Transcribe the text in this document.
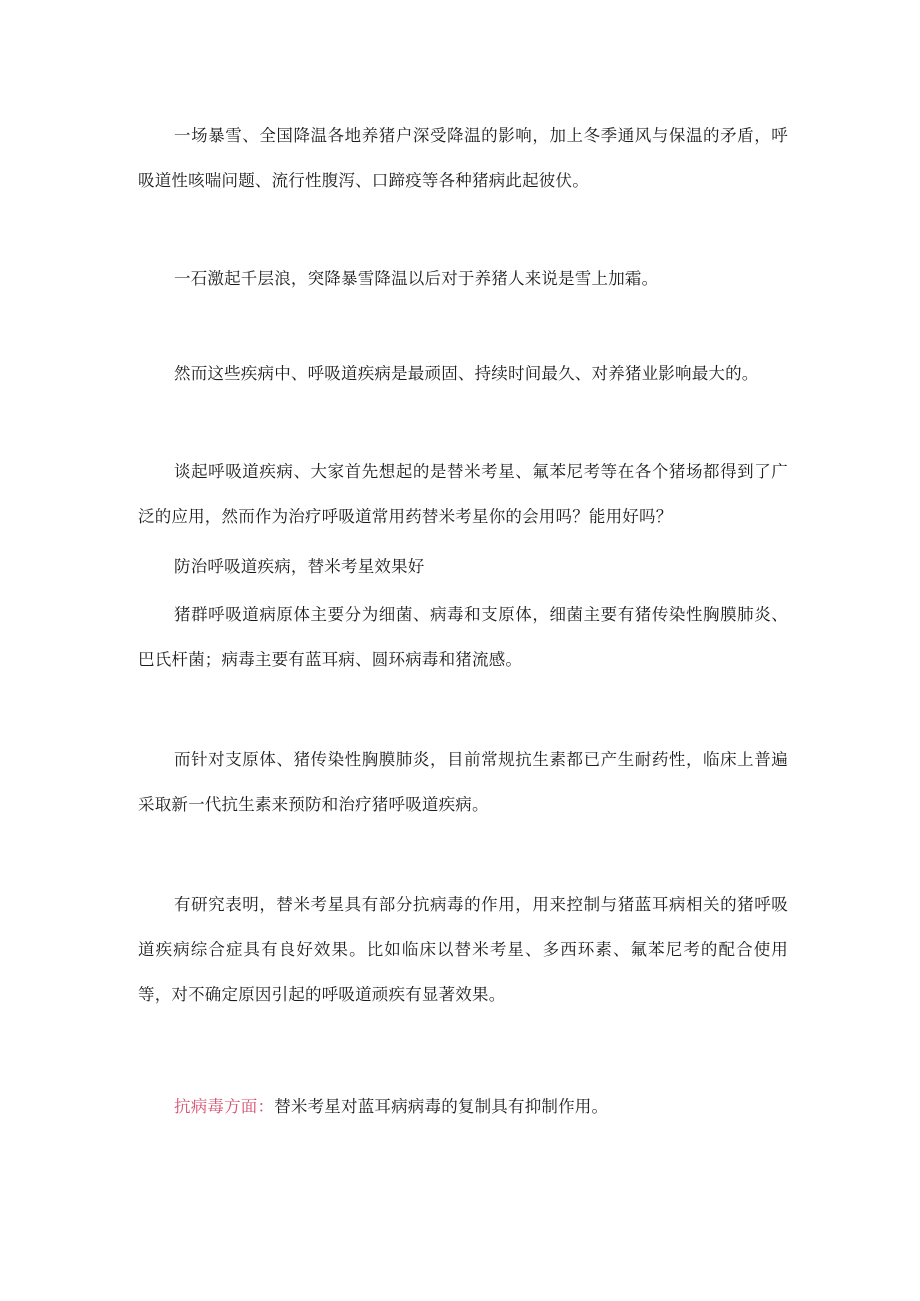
一场暴雪、全国降温各地养猪户深受降温的影响，加上冬季通风与保温的矛盾，呼吸道性咳喘问题、流行性腹泻、口蹄疫等各种猪病此起彼伏。

一石激起千层浪，突降暴雪降温以后对于养猪人来说是雪上加霜。

然而这些疾病中、呼吸道疾病是最顽固、持续时间最久、对养猪业影响最大的。

谈起呼吸道疾病、大家首先想起的是替米考星、氟苯尼考等在各个猪场都得到了广泛的应用，然而作为治疗呼吸道常用药替米考星你的会用吗？能用好吗？

防治呼吸道疾病，替米考星效果好

猪群呼吸道病原体主要分为细菌、病毒和支原体，细菌主要有猪传染性胸膜肺炎、巴氏杆菌；病毒主要有蓝耳病、圆环病毒和猪流感。

而针对支原体、猪传染性胸膜肺炎，目前常规抗生素都已产生耐药性，临床上普遍采取新一代抗生素来预防和治疗猪呼吸道疾病。

有研究表明，替米考星具有部分抗病毒的作用，用来控制与猪蓝耳病相关的猪呼吸道疾病综合症具有良好效果。比如临床以替米考星、多西环素、氟苯尼考的配合使用等，对不确定原因引起的呼吸道顽疾有显著效果。

抗病毒方面：替米考星对蓝耳病病毒的复制具有抑制作用。
